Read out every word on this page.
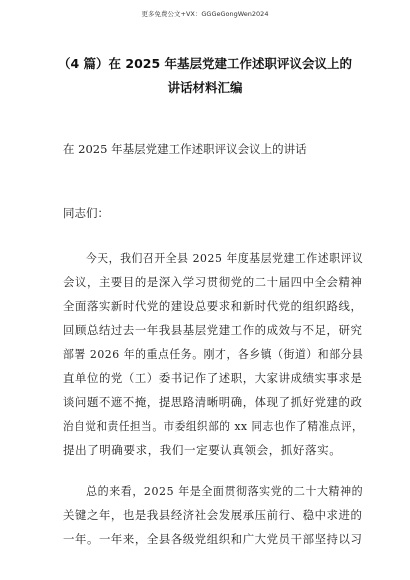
更多免费公文+VX：GGGeGongWen2024
（4 篇）在 2025 年基层党建工作述职评议会议上的
讲话材料汇编
在 2025 年基层党建工作述职评议会议上的讲话
同志们：
　　今天，我们召开全县 2025 年度基层党建工作述职评议
会议，主要目的是深入学习贯彻党的二十届四中全会精神
全面落实新时代党的建设总要求和新时代党的组织路线，
回顾总结过去一年我县基层党建工作的成效与不足，研究
部署 2026 年的重点任务。刚才，各乡镇（街道）和部分县
直单位的党（工）委书记作了述职，大家讲成绩实事求是
谈问题不遮不掩，提思路清晰明确，体现了抓好党建的政
治自觉和责任担当。市委组织部的 xx 同志也作了精准点评，
提出了明确要求，我们一定要认真领会，抓好落实。
　　总的来看，2025 年是全面贯彻落实党的二十大精神的
关键之年，也是我县经济社会发展承压前行、稳中求进的
一年。一年来，全县各级党组织和广大党员干部坚持以习
